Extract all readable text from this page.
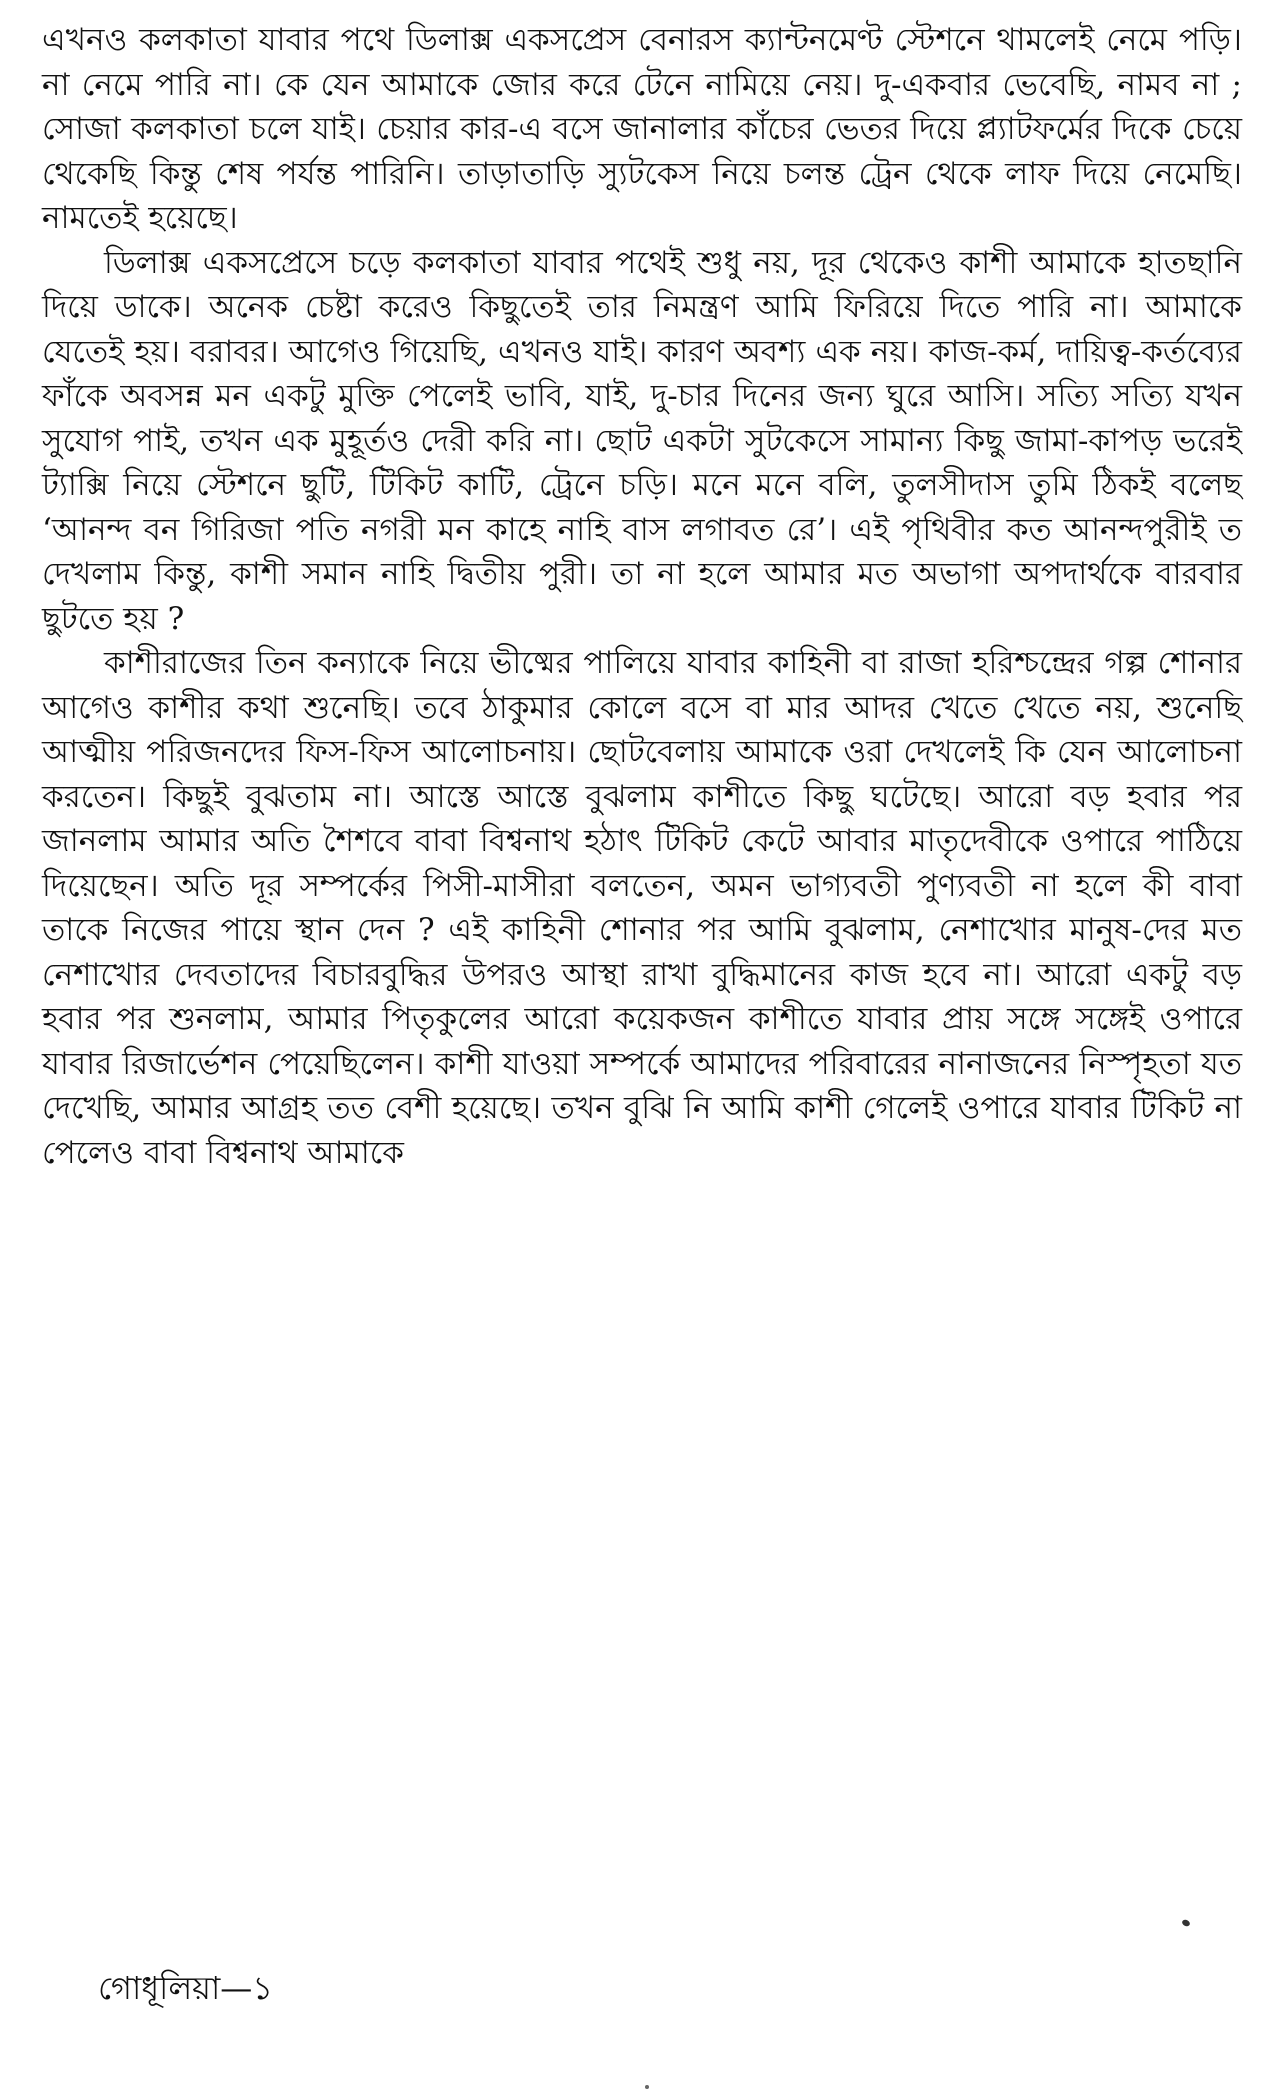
এখনও কলকাতা যাবার পথে ডিলাক্স একসপ্রেস বেনারস ক্যান্টনমেণ্ট স্টেশনে থামলেই নেমে পড়ি। না নেমে পারি না। কে যেন আমাকে জোর করে টেনে নামিয়ে নেয়। দু-একবার ভেবেছি, নামব না ; সোজা কলকাতা চলে যাই। চেয়ার কার-এ বসে জানালার কাঁচের ভেতর দিয়ে প্ল্যাটফর্মের দিকে চেয়ে থেকেছি কিন্তু শেষ পর্যন্ত পারিনি। তাড়াতাড়ি স্যুটকেস নিয়ে চলন্ত ট্রেন থেকে লাফ দিয়ে নেমেছি। নামতেই হয়েছে।

ডিলাক্স একসপ্রেসে চড়ে কলকাতা যাবার পথেই শুধু নয়, দূর থেকেও কাশী আমাকে হাতছানি দিয়ে ডাকে। অনেক চেষ্টা করেও কিছুতেই তার নিমন্ত্রণ আমি ফিরিয়ে দিতে পারি না। আমাকে যেতেই হয়। বরাবর। আগেও গিয়েছি, এখনও যাই। কারণ অবশ্য এক নয়। কাজ-কর্ম, দায়িত্ব-কর্তব্যের ফাঁকে অবসন্ন মন একটু মুক্তি পেলেই ভাবি, যাই, দু-চার দিনের জন্য ঘুরে আসি। সত্যি সত্যি যখন সুযোগ পাই, তখন এক মুহূর্তও দেরী করি না। ছোট একটা সুটকেসে সামান্য কিছু জামা-কাপড় ভরেই ট্যাক্সি নিয়ে স্টেশনে ছুটি, টিকিট কাটি, ট্রেনে চড়ি। মনে মনে বলি, তুলসীদাস তুমি ঠিকই বলেছ ‘আনন্দ বন গিরিজা পতি নগরী মন কাহে নাহি বাস লগাবত রে’। এই পৃথিবীর কত আনন্দপুরীই ত দেখলাম কিন্তু, কাশী সমান নাহি দ্বিতীয় পুরী। তা না হলে আমার মত অভাগা অপদার্থকে বারবার ছুটতে হয় ?

কাশীরাজের তিন কন্যাকে নিয়ে ভীষ্মের পালিয়ে যাবার কাহিনী বা রাজা হরিশ্চন্দ্রের গল্প শোনার আগেও কাশীর কথা শুনেছি। তবে ঠাকুমার কোলে বসে বা মার আদর খেতে খেতে নয়, শুনেছি আত্মীয় পরিজনদের ফিস-ফিস আলোচনায়। ছোটবেলায় আমাকে ওরা দেখলেই কি যেন আলোচনা করতেন। কিছুই বুঝতাম না। আস্তে আস্তে বুঝলাম কাশীতে কিছু ঘটেছে। আরো বড় হবার পর জানলাম আমার অতি শৈশবে বাবা বিশ্বনাথ হঠাৎ টিকিট কেটে আবার মাতৃদেবীকে ওপারে পাঠিয়ে দিয়েছেন। অতি দূর সম্পর্কের পিসী-মাসীরা বলতেন, অমন ভাগ্যবতী পুণ্যবতী না হলে কী বাবা তাকে নিজের পায়ে স্থান দেন ? এই কাহিনী শোনার পর আমি বুঝলাম, নেশাখোর মানুষ-দের মত নেশাখোর দেবতাদের বিচারবুদ্ধির উপরও আস্থা রাখা বুদ্ধিমানের কাজ হবে না। আরো একটু বড় হবার পর শুনলাম, আমার পিতৃকুলের আরো কয়েকজন কাশীতে যাবার প্রায় সঙ্গে সঙ্গেই ওপারে যাবার রিজার্ভেশন পেয়েছিলেন। কাশী যাওয়া সম্পর্কে আমাদের পরিবারের নানাজনের নিস্পৃহতা যত দেখেছি, আমার আগ্রহ তত বেশী হয়েছে। তখন বুঝি নি আমি কাশী গেলেই ওপারে যাবার টিকিট না পেলেও বাবা বিশ্বনাথ আমাকে

গোধূলিয়া—১
